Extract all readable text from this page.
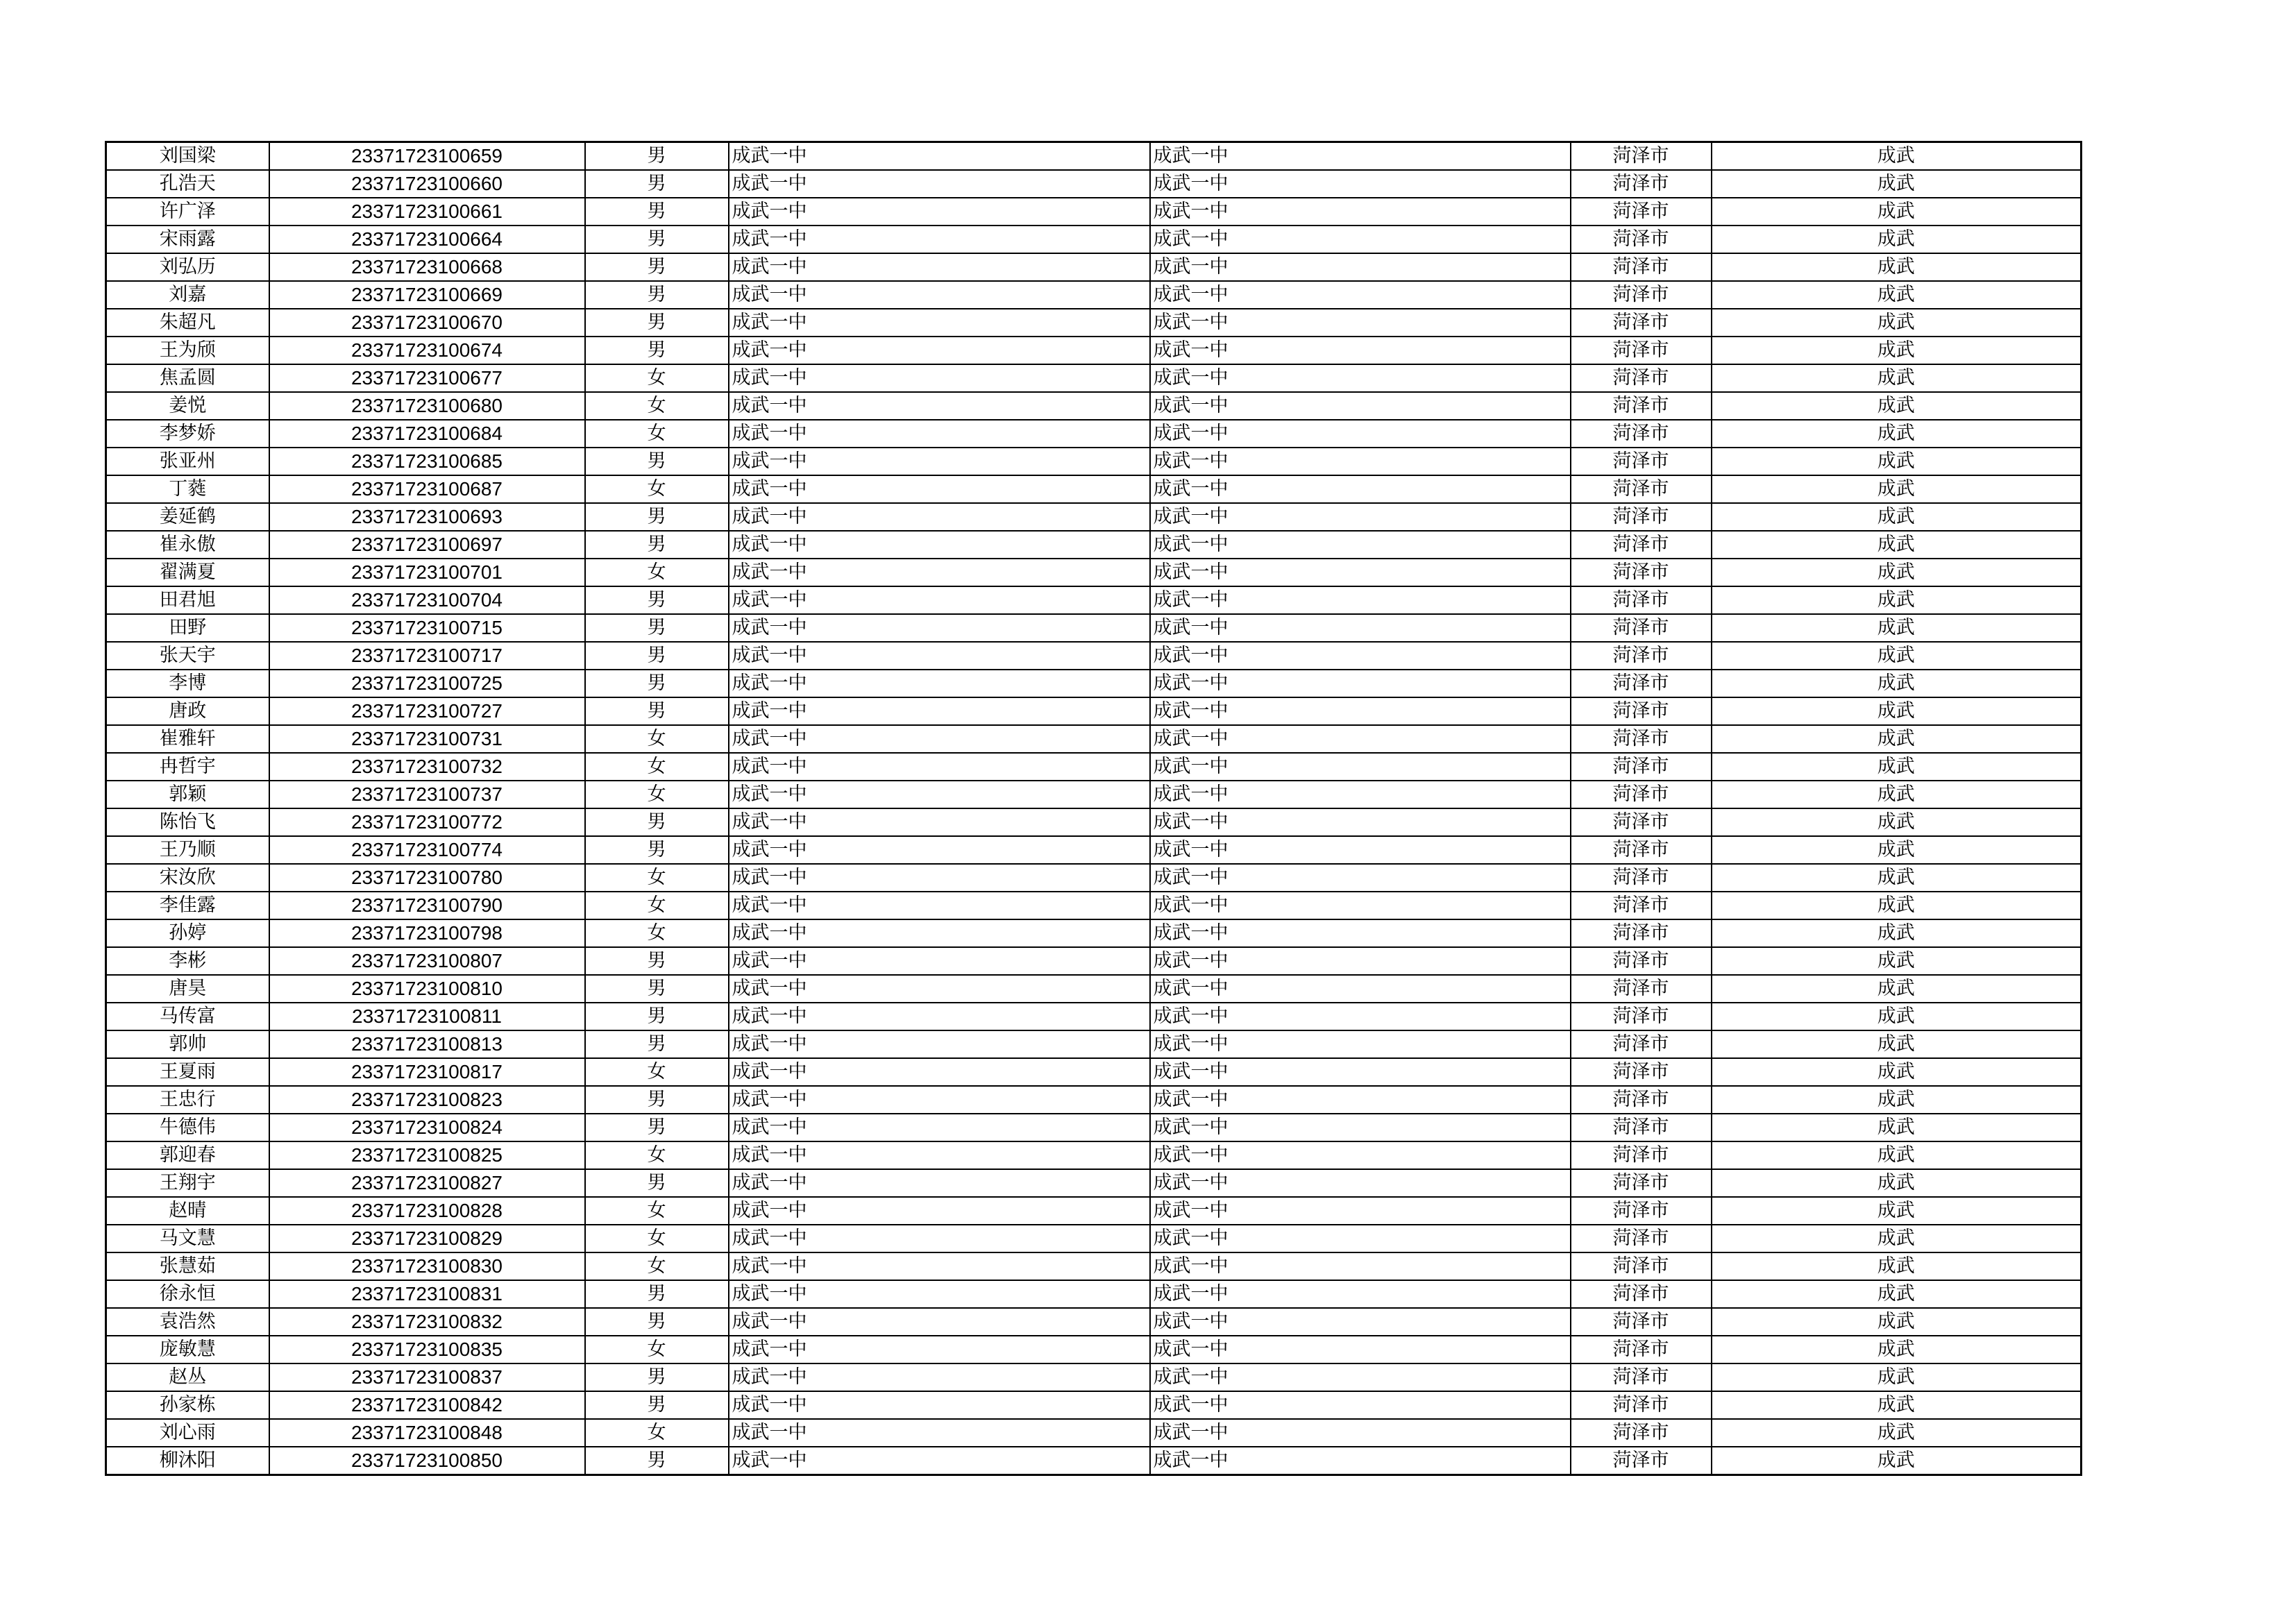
刘国梁	23371723100659	男	成武一中	成武一中	菏泽市	成武
孔浩天	23371723100660	男	成武一中	成武一中	菏泽市	成武
许广泽	23371723100661	男	成武一中	成武一中	菏泽市	成武
宋雨露	23371723100664	男	成武一中	成武一中	菏泽市	成武
刘弘历	23371723100668	男	成武一中	成武一中	菏泽市	成武
刘嘉	23371723100669	男	成武一中	成武一中	菏泽市	成武
朱超凡	23371723100670	男	成武一中	成武一中	菏泽市	成武
王为颀	23371723100674	男	成武一中	成武一中	菏泽市	成武
焦孟圆	23371723100677	女	成武一中	成武一中	菏泽市	成武
姜悦	23371723100680	女	成武一中	成武一中	菏泽市	成武
李梦娇	23371723100684	女	成武一中	成武一中	菏泽市	成武
张亚州	23371723100685	男	成武一中	成武一中	菏泽市	成武
丁蕤	23371723100687	女	成武一中	成武一中	菏泽市	成武
姜延鹤	23371723100693	男	成武一中	成武一中	菏泽市	成武
崔永傲	23371723100697	男	成武一中	成武一中	菏泽市	成武
翟满夏	23371723100701	女	成武一中	成武一中	菏泽市	成武
田君旭	23371723100704	男	成武一中	成武一中	菏泽市	成武
田野	23371723100715	男	成武一中	成武一中	菏泽市	成武
张天宇	23371723100717	男	成武一中	成武一中	菏泽市	成武
李博	23371723100725	男	成武一中	成武一中	菏泽市	成武
唐政	23371723100727	男	成武一中	成武一中	菏泽市	成武
崔雅轩	23371723100731	女	成武一中	成武一中	菏泽市	成武
冉哲宇	23371723100732	女	成武一中	成武一中	菏泽市	成武
郭颖	23371723100737	女	成武一中	成武一中	菏泽市	成武
陈怡飞	23371723100772	男	成武一中	成武一中	菏泽市	成武
王乃顺	23371723100774	男	成武一中	成武一中	菏泽市	成武
宋汝欣	23371723100780	女	成武一中	成武一中	菏泽市	成武
李佳露	23371723100790	女	成武一中	成武一中	菏泽市	成武
孙婷	23371723100798	女	成武一中	成武一中	菏泽市	成武
李彬	23371723100807	男	成武一中	成武一中	菏泽市	成武
唐昊	23371723100810	男	成武一中	成武一中	菏泽市	成武
马传富	23371723100811	男	成武一中	成武一中	菏泽市	成武
郭帅	23371723100813	男	成武一中	成武一中	菏泽市	成武
王夏雨	23371723100817	女	成武一中	成武一中	菏泽市	成武
王忠行	23371723100823	男	成武一中	成武一中	菏泽市	成武
牛德伟	23371723100824	男	成武一中	成武一中	菏泽市	成武
郭迎春	23371723100825	女	成武一中	成武一中	菏泽市	成武
王翔宇	23371723100827	男	成武一中	成武一中	菏泽市	成武
赵晴	23371723100828	女	成武一中	成武一中	菏泽市	成武
马文慧	23371723100829	女	成武一中	成武一中	菏泽市	成武
张慧茹	23371723100830	女	成武一中	成武一中	菏泽市	成武
徐永恒	23371723100831	男	成武一中	成武一中	菏泽市	成武
袁浩然	23371723100832	男	成武一中	成武一中	菏泽市	成武
庞敏慧	23371723100835	女	成武一中	成武一中	菏泽市	成武
赵丛	23371723100837	男	成武一中	成武一中	菏泽市	成武
孙家栋	23371723100842	男	成武一中	成武一中	菏泽市	成武
刘心雨	23371723100848	女	成武一中	成武一中	菏泽市	成武
柳沐阳	23371723100850	男	成武一中	成武一中	菏泽市	成武
